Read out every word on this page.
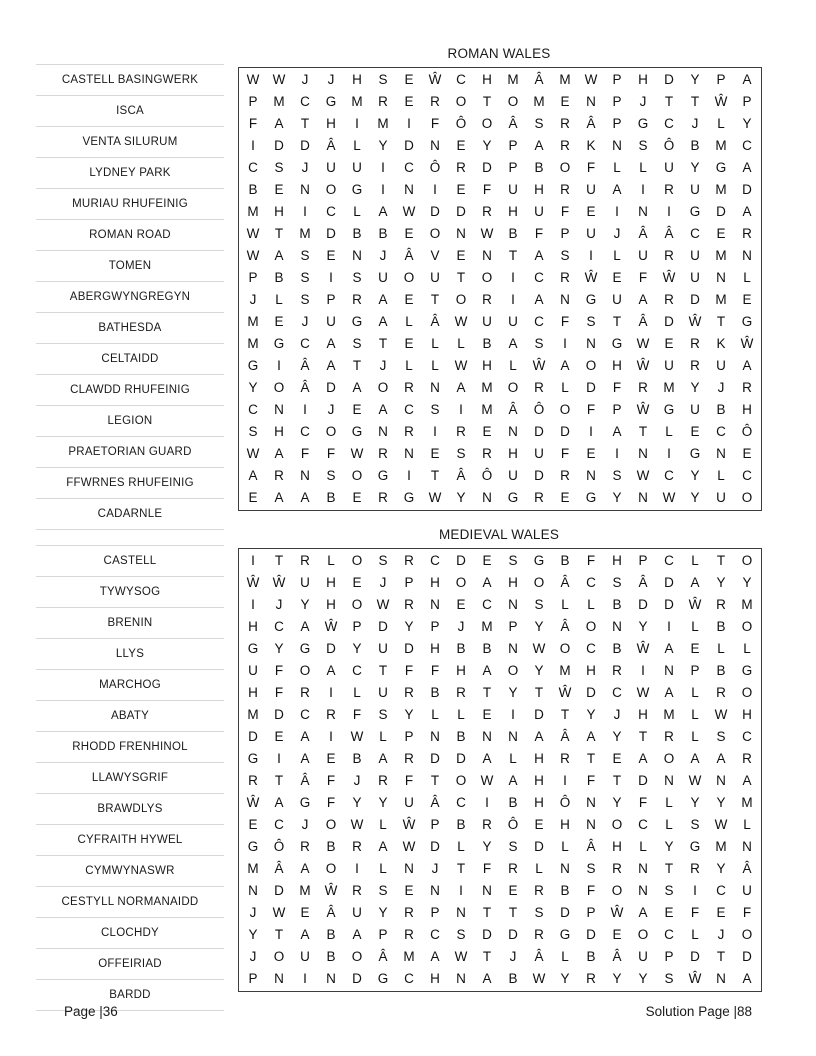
ROMAN WALES
CASTELL BASINGWERK
ISCA
VENTA SILURUM
LYDNEY PARK
MURIAU RHUFEINIG
ROMAN ROAD
TOMEN
ABERGWYNGREGYN
BATHESDA
CELTAIDD
CLAWDD RHUFEINIG
LEGION
PRAETORIAN GUARD
FFWRNES RHUFEINIG
CADARNLE
W	W	J	J	H	S	E	Ŵ	C	H	M	Â	M	W	P	H	D	Y	P	A
P	M	C	G	M	R	E	R	O	T	O	M	E	N	P	J	T	T	Ŵ	P
F	A	T	H	I	M	I	F	Ô	O	Â	S	R	Â	P	G	C	J	L	Y
I	D	D	Â	L	Y	D	N	E	Y	P	A	R	K	N	S	Ô	B	M	C
C	S	J	U	U	I	C	Ô	R	D	P	B	O	F	L	L	U	Y	G	A
B	E	N	O	G	I	N	I	E	F	U	H	R	U	A	I	R	U	M	D
M	H	I	C	L	A	W	D	D	R	H	U	F	E	I	N	I	G	D	A
W	T	M	D	B	B	E	O	N	W	B	F	P	U	J	Â	Â	C	E	R
W	A	S	E	N	J	Â	V	E	N	T	A	S	I	L	U	R	U	M	N
P	B	S	I	S	U	O	U	T	O	I	C	R	Ŵ	E	F	Ŵ	U	N	L
J	L	S	P	R	A	E	T	O	R	I	A	N	G	U	A	R	D	M	E
M	E	J	U	G	A	L	Â	W	U	U	C	F	S	T	Â	D	Ŵ	T	G
M	G	C	A	S	T	E	L	L	B	A	S	I	N	G	W	E	R	K	Ŵ
G	I	Â	A	T	J	L	L	W	H	L	Ŵ	A	O	H	Ŵ	U	R	U	A
Y	O	Â	D	A	O	R	N	A	M	O	R	L	D	F	R	M	Y	J	R
C	N	I	J	E	A	C	S	I	M	Â	Ô	O	F	P	Ŵ	G	U	B	H
S	H	C	O	G	N	R	I	R	E	N	D	D	I	A	T	L	E	C	Ô
W	A	F	F	W	R	N	E	S	R	H	U	F	E	I	N	I	G	N	E
A	R	N	S	O	G	I	T	Â	Ô	U	D	R	N	S	W	C	Y	L	C
E	A	A	B	E	R	G	W	Y	N	G	R	E	G	Y	N	W	Y	U	O
MEDIEVAL WALES
CASTELL
TYWYSOG
BRENIN
LLYS
MARCHOG
ABATY
RHODD FRENHINOL
LLAWYSGRIF
BRAWDLYS
CYFRAITH HYWEL
CYMWYNASWR
CESTYLL NORMANAIDD
CLOCHDY
OFFEIRIAD
BARDD
I	T	R	L	O	S	R	C	D	E	S	G	B	F	H	P	C	L	T	O
Ŵ	Ŵ	U	H	E	J	P	H	O	A	H	O	Â	C	S	Â	D	A	Y	Y
I	J	Y	H	O	W	R	N	E	C	N	S	L	L	B	D	D	Ŵ	R	M
H	C	A	Ŵ	P	D	Y	P	J	M	P	Y	Â	O	N	Y	I	L	B	O
G	Y	G	D	Y	U	D	H	B	B	N	W	O	C	B	Ŵ	A	E	L	L
U	F	O	A	C	T	F	F	H	A	O	Y	M	H	R	I	N	P	B	G
H	F	R	I	L	U	R	B	R	T	Y	T	Ŵ	D	C	W	A	L	R	O
M	D	C	R	F	S	Y	L	L	E	I	D	T	Y	J	H	M	L	W	H
D	E	A	I	W	L	P	N	B	N	N	A	Â	A	Y	T	R	L	S	C
G	I	A	E	B	A	R	D	D	A	L	H	R	T	E	A	O	A	A	R
R	T	Â	F	J	R	F	T	O	W	A	H	I	F	T	D	N	W	N	A
Ŵ	A	G	F	Y	Y	U	Â	C	I	B	H	Ô	N	Y	F	L	Y	Y	M
E	C	J	O	W	L	Ŵ	P	B	R	Ô	E	H	N	O	C	L	S	W	L
G	Ô	R	B	R	A	W	D	L	Y	S	D	L	Â	H	L	Y	G	M	N
M	Â	A	O	I	L	N	J	T	F	R	L	N	S	R	N	T	R	Y	Â
N	D	M	Ŵ	R	S	E	N	I	N	E	R	B	F	O	N	S	I	C	U
J	W	E	Â	U	Y	R	P	N	T	T	S	D	P	Ŵ	A	E	F	E	F
Y	T	A	B	A	P	R	C	S	D	D	R	G	D	E	O	C	L	J	O
J	O	U	B	O	Â	M	A	W	T	J	Â	L	B	Â	U	P	D	T	D
P	N	I	N	D	G	C	H	N	A	B	W	Y	R	Y	Y	S	Ŵ	N	A
Page |36	Solution Page |88
